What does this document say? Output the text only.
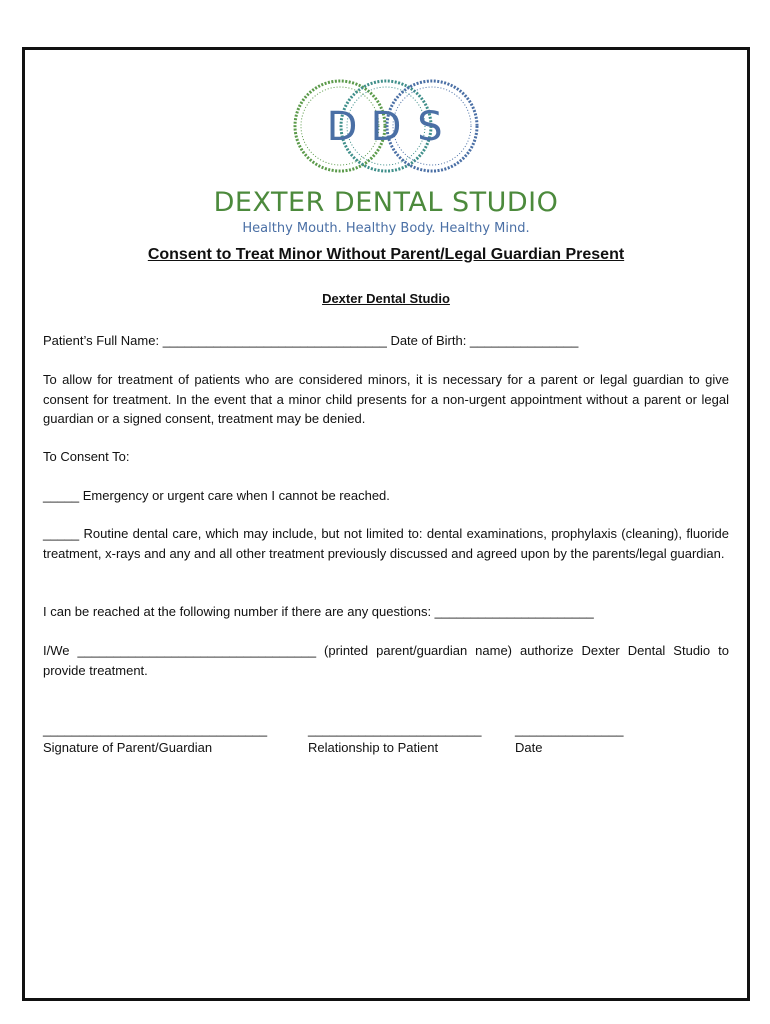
D D S
DEXTER DENTAL STUDIO
Healthy Mouth. Healthy Body. Healthy Mind.
Consent to Treat Minor Without Parent/Legal Guardian Present
Dexter Dental Studio
Patient’s Full Name: _______________________________ Date of Birth: _______________
To allow for treatment of patients who are considered minors, it is necessary for a parent or legal guardian to give consent for treatment. In the event that a minor child presents for a non-urgent appointment without a parent or legal guardian or a signed consent, treatment may be denied.
To Consent To:
_____ Emergency or urgent care when I cannot be reached.
_____ Routine dental care, which may include, but not limited to: dental examinations, prophylaxis (cleaning), fluoride treatment, x-rays and any and all other treatment previously discussed and agreed upon by the parents/legal guardian.
I can be reached at the following number if there are any questions: ______________________
I/We _________________________________ (printed parent/guardian name) authorize Dexter Dental Studio to provide treatment.
_______________________________	________________________	_______________
Signature of Parent/Guardian	Relationship to Patient	Date
